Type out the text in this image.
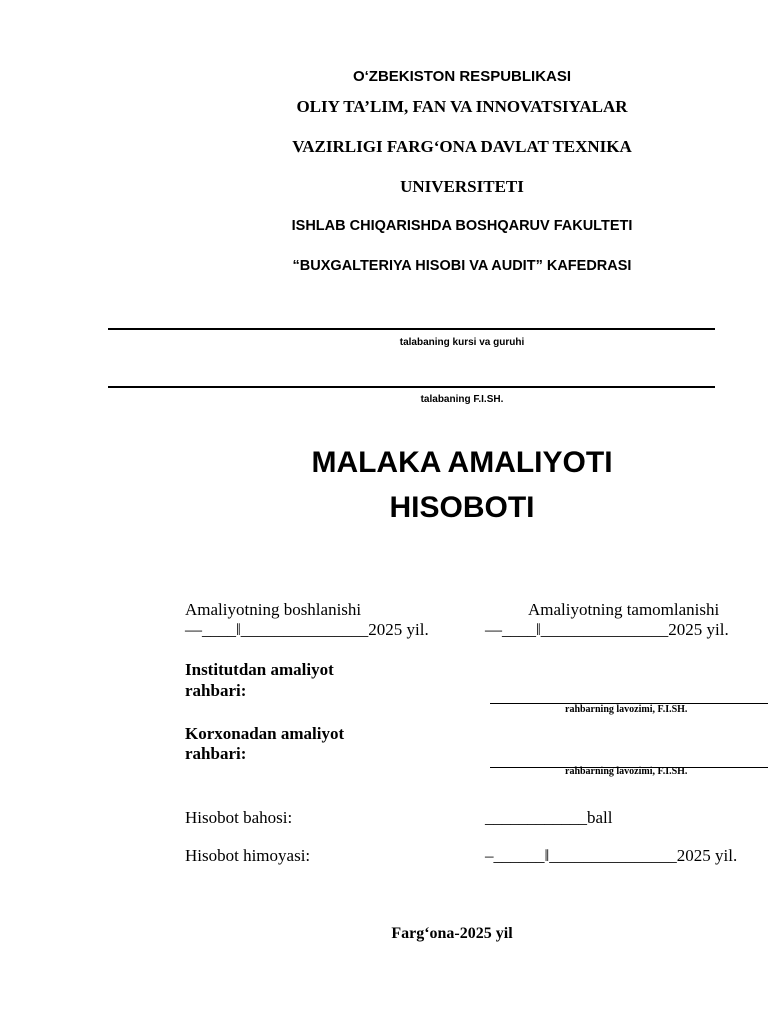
O‘ZBEKISTON RESPUBLIKASI
OLIY TA’LIM, FAN VA INNOVATSIYALAR
VAZIRLIGI FARG‘ONA DAVLAT TEXNIKA
UNIVERSITETI
ISHLAB CHIQARISHDA BOSHQARUV FAKULTETI
“BUXGALTERIYA HISOBI VA AUDIT” KAFEDRASI
talabaning kursi va guruhi
talabaning F.I.SH.
MALAKA AMALIYOTI
HISOBOTI
Amaliyotning boshlanishi
―____‖_______________2025 yil.
Amaliyotning tamomlanishi
―____‖_______________2025 yil.
Institutdan amaliyot
rahbari:
rahbarning lavozimi, F.I.SH.
Korxonadan amaliyot
rahbari:
rahbarning lavozimi, F.I.SH.
Hisobot bahosi:	____________ball
Hisobot himoyasi:	‒______‖_______________2025 yil.
Farg‘ona-2025 yil
